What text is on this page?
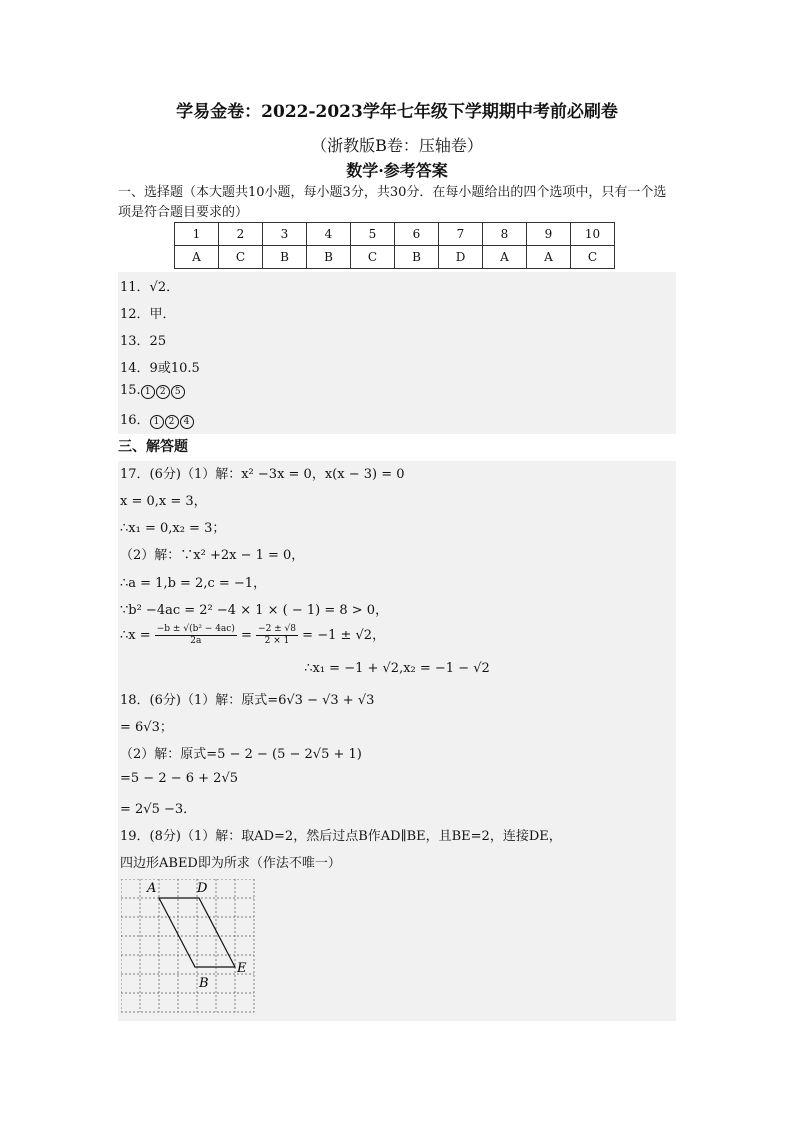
学易金卷：2022-2023学年七年级下学期期中考前必刷卷
（浙教版B卷：压轴卷）
数学·参考答案
一、选择题（本大题共10小题，每小题3分，共30分．在每小题给出的四个选项中，只有一个选项是符合题目要求的）
1	2	3	4	5	6	7	8	9	10
A	C	B	B	C	B	D	A	A	C
11．√2．
12．甲．
13．25
14．9或10.5
15. 1 2 5
16． 1 2 4
三、解答题
17．(6分)（1）解：x² −3x = 0，x(x − 3) = 0
x = 0,x = 3，
∴x₁ = 0,x₂ = 3；
（2）解：∵x² +2x − 1 = 0，
∴a = 1,b = 2,c = −1，
∵b² −4ac = 2² −4 × 1 × ( − 1) = 8 > 0，
∴x = $\frac{\text{−b ± √(b² − 4ac)}}{2a} = \frac{-2 \pm √8}{2 \times 1} = -1 \pm √2$，
∴x₁ = −1 + √2,x₂ = −1 − √2
18．(6分)（1）解：原式=6√3 − √3 + √3
= 6√3；
（2）解：原式=5 − 2 − (5 − 2√5 + 1)
=5 − 2 − 6 + 2√5
= 2√5 −3．
19．(8分)（1）解：取AD=2，然后过点B作AD∥BE，且BE=2，连接DE，
四边形ABED即为所求（作法不唯一）
A	D
B
E
